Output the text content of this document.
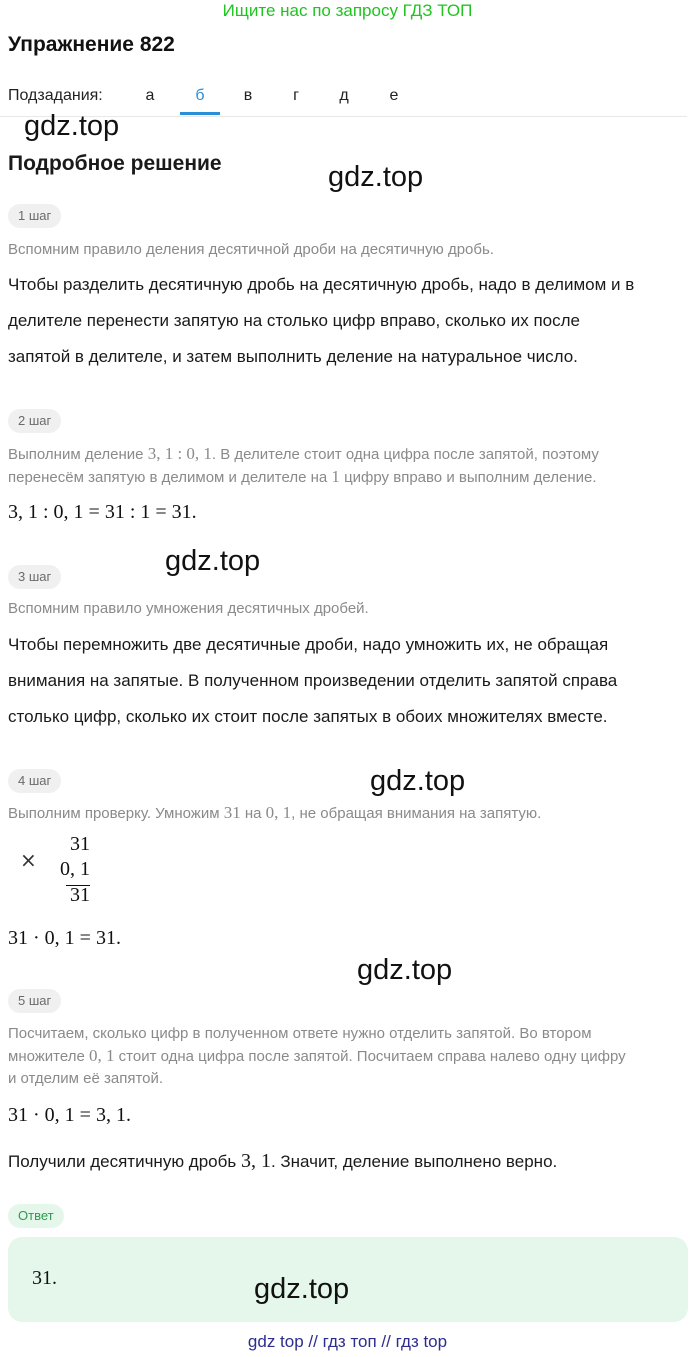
Ищите нас по запросу ГДЗ ТОП
Упражнение 822
Подзадания:	а	б	в	г	д	е
gdz.top
Подробное решение	gdz.top
1 шаг
Вспомним правило деления десятичной дроби на десятичную дробь.
Чтобы разделить десятичную дробь на десятичную дробь, надо в делимом и в
делителе перенести запятую на столько цифр вправо, сколько их после
запятой в делителе, и затем выполнить деление на натуральное число.
2 шаг
Выполним деление 3, 1 : 0, 1. В делителе стоит одна цифра после запятой, поэтому
перенесём запятую в делимом и делителе на 1 цифру вправо и выполним деление.
3, 1 : 0, 1 = 31 : 1 = 31.
gdz.top
3 шаг
Вспомним правило умножения десятичных дробей.
Чтобы перемножить две десятичные дроби, надо умножить их, не обращая
внимания на запятые. В полученном произведении отделить запятой справа
столько цифр, сколько их стоит после запятых в обоих множителях вместе.
gdz.top
4 шаг
Выполним проверку. Умножим 31 на 0, 1, не обращая внимания на запятую.
×
31
0, 1
31
31 · 0, 1 = 31.
gdz.top
5 шаг
Посчитаем, сколько цифр в полученном ответе нужно отделить запятой. Во втором
множителе 0, 1 стоит одна цифра после запятой. Посчитаем справа налево одну цифру
и отделим её запятой.
31 · 0, 1 = 3, 1.
Получили десятичную дробь 3, 1. Значит, деление выполнено верно.
Ответ
31.	gdz.top
gdz top // гдз топ // гдз top
